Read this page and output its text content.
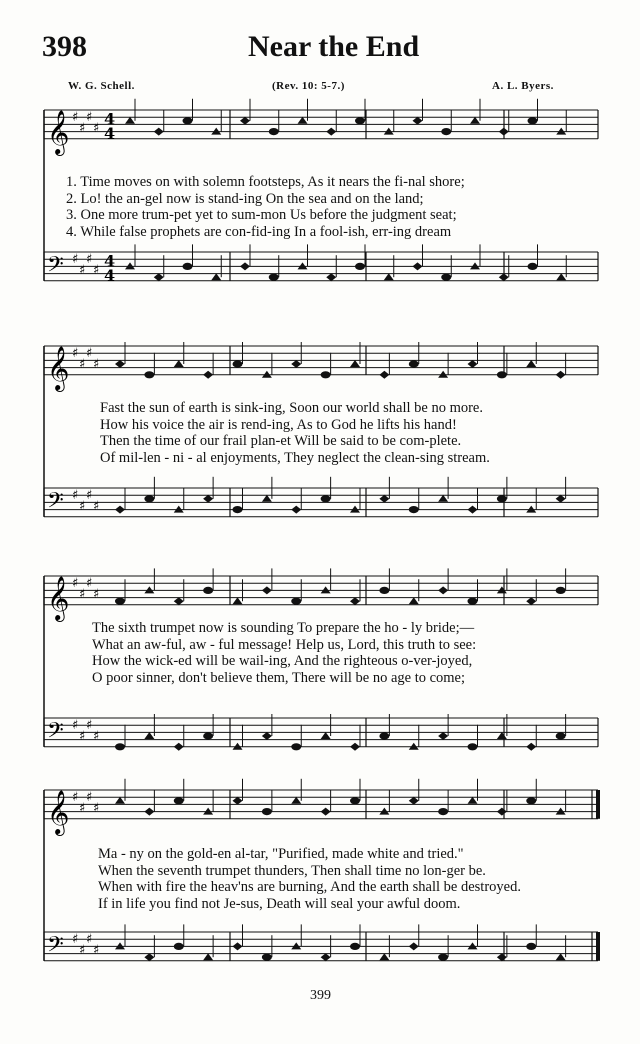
398	Near the End
W. G. Schell.	(Rev. 10: 5-7.)	A. L. Byers.
𝄞 ♯
♯
♯
♯
4
4
𝄢 ♯
♯
♯
♯
4
4
1. Time moves on with solemn footsteps, As it nears the fi-nal shore;
2. Lo! the an-gel now is stand-ing On the sea and on the land;
3. One more trum-pet yet to sum-mon Us before the judgment seat;
4. While false prophets are con-fid-ing In a fool-ish, err-ing dream
𝄞 ♯
♯
♯
♯
𝄢 ♯
♯
♯
♯
Fast the sun of earth is sink-ing, Soon our world shall be no more.
How his voice the air is rend-ing, As to God he lifts his hand!
Then the time of our frail plan-et Will be said to be com-plete.
Of mil-len - ni - al enjoyments, They neglect the clean-sing stream.
𝄞 ♯
♯
♯
♯
𝄢 ♯
♯
♯
♯
The sixth trumpet now is sounding To prepare the ho - ly bride;—
What an aw-ful, aw - ful message! Help us, Lord, this truth to see:
How the wick-ed will be wail-ing, And the righteous o-ver-joyed,
O poor sinner, don't believe them, There will be no age to come;
𝄞 ♯
♯
♯
♯
𝄢 ♯
♯
♯
♯
Ma - ny on the gold-en al-tar, "Purified, made white and tried."
When the seventh trumpet thunders, Then shall time no lon-ger be.
When with fire the heav'ns are burning, And the earth shall be destroyed.
If in life you find not Je-sus, Death will seal your awful doom.
399
